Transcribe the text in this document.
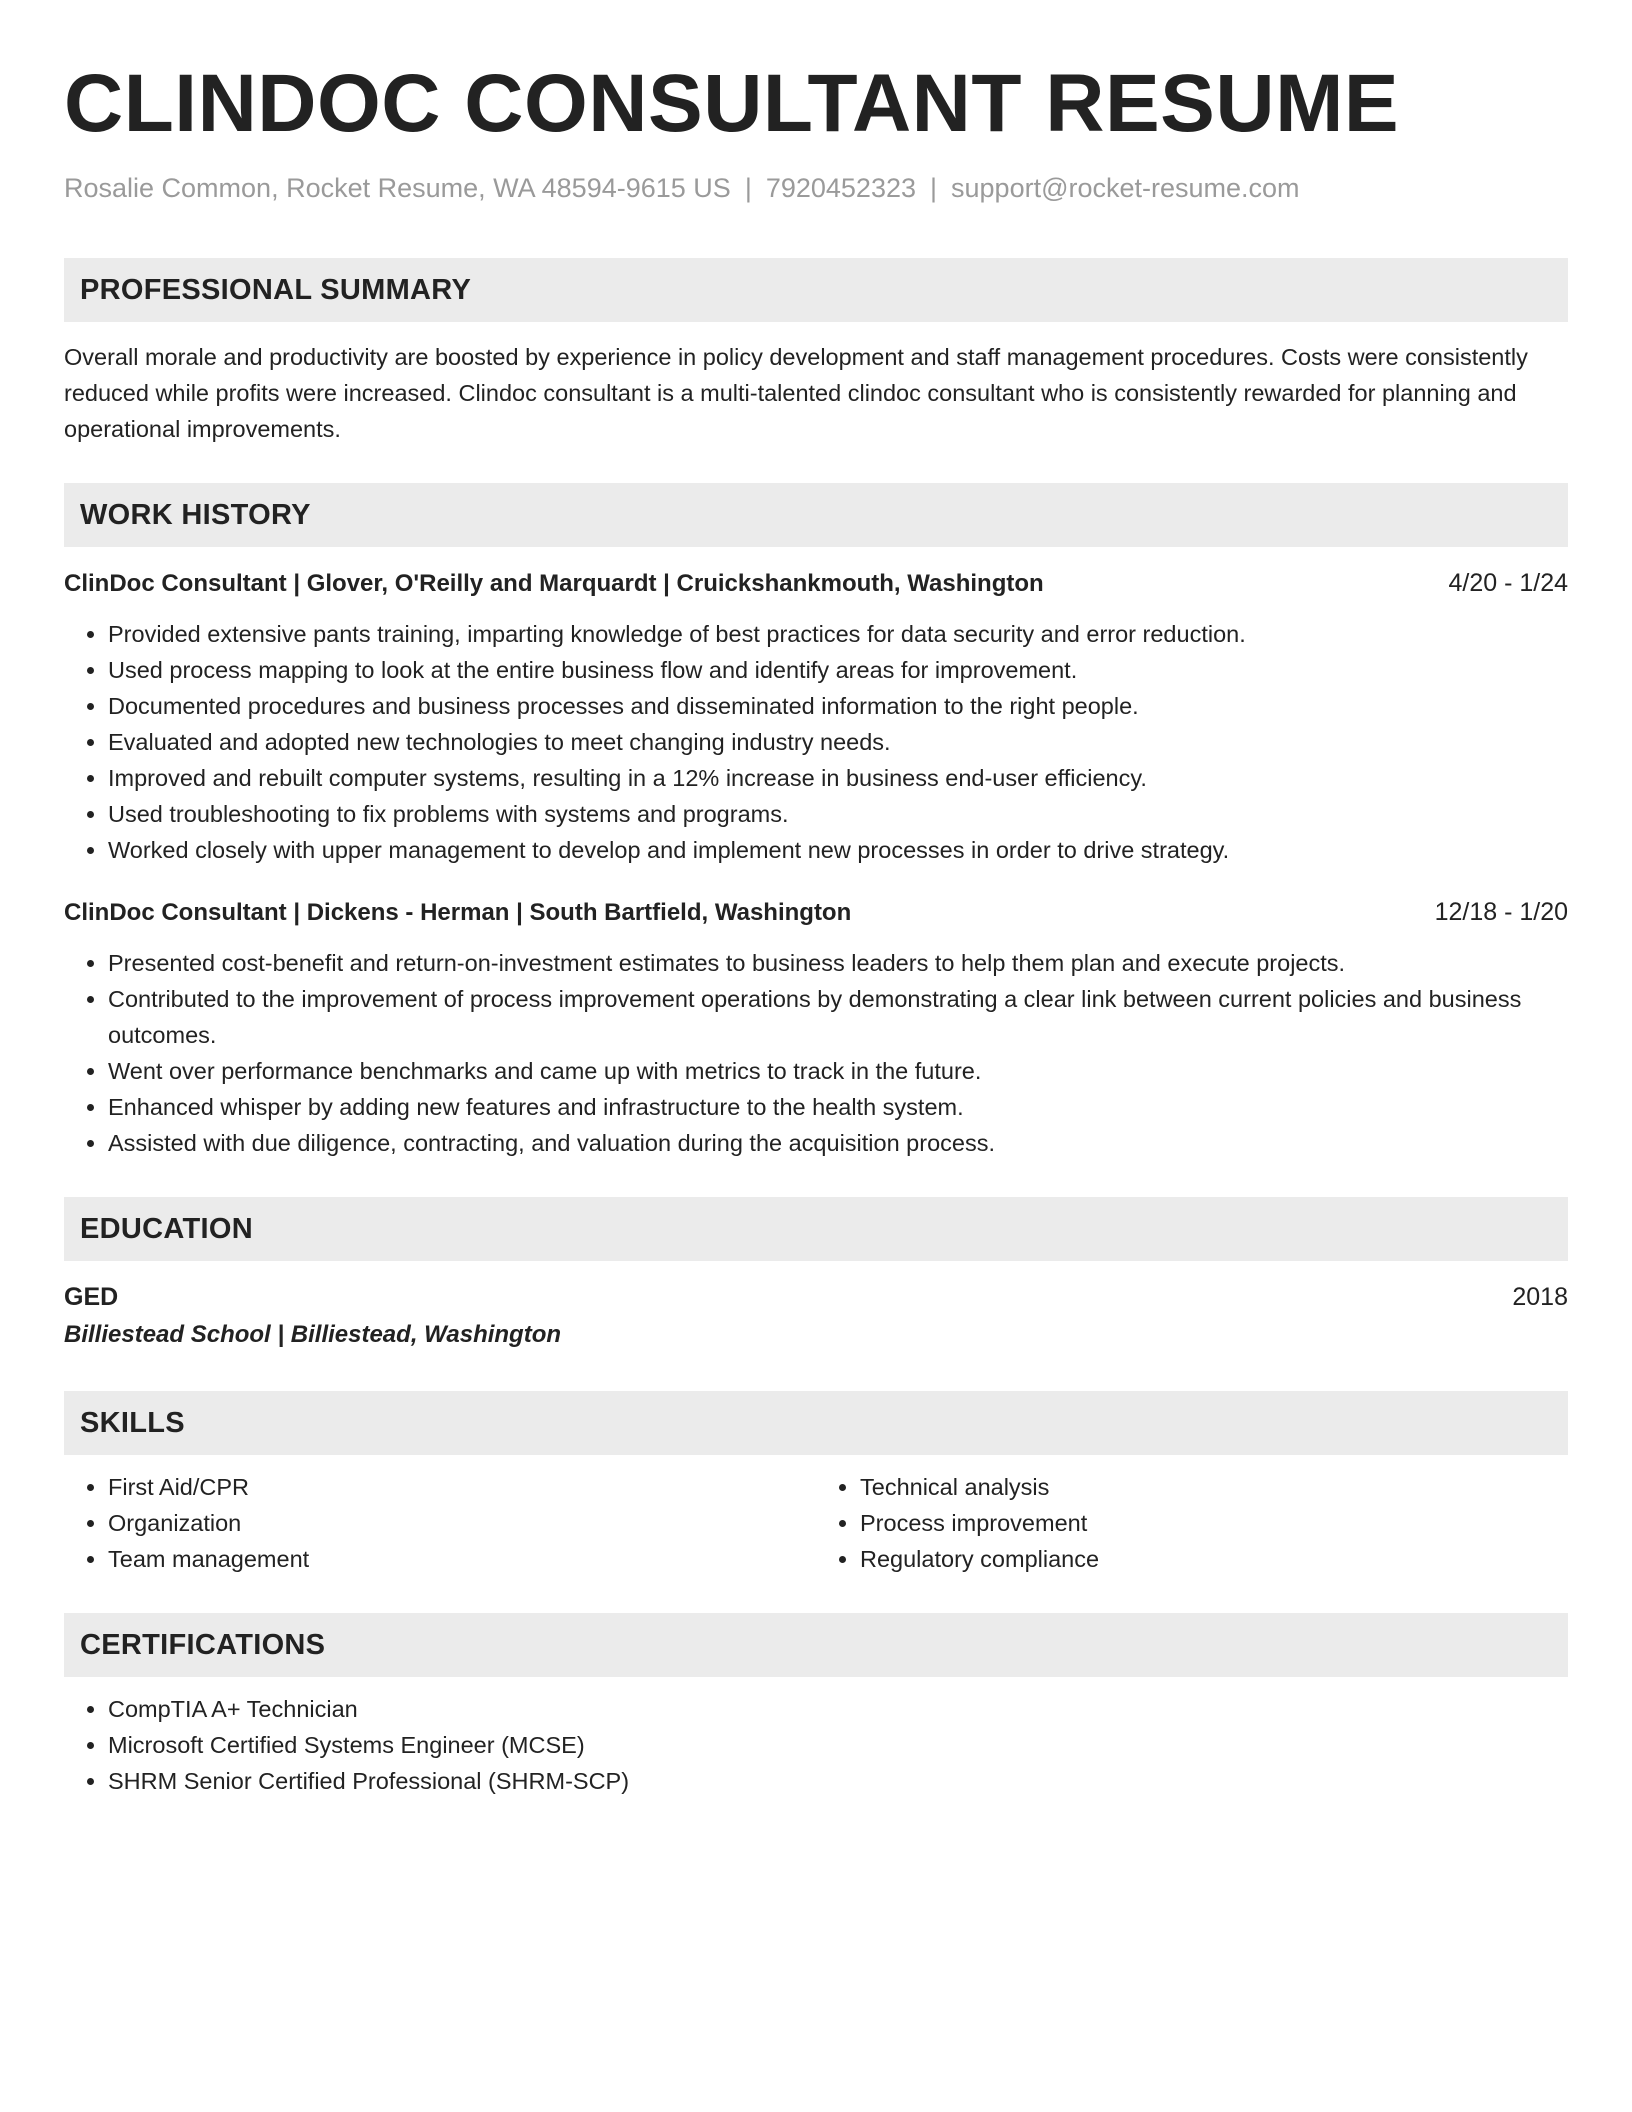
CLINDOC CONSULTANT RESUME
Rosalie Common, Rocket Resume, WA 48594-9615 US | 7920452323 | support@rocket-resume.com
PROFESSIONAL SUMMARY
Overall morale and productivity are boosted by experience in policy development and staff management procedures. Costs were consistently reduced while profits were increased. Clindoc consultant is a multi-talented clindoc consultant who is consistently rewarded for planning and operational improvements.
WORK HISTORY
ClinDoc Consultant | Glover, O'Reilly and Marquardt | Cruickshankmouth, Washington	4/20 - 1/24
• Provided extensive pants training, imparting knowledge of best practices for data security and error reduction.
• Used process mapping to look at the entire business flow and identify areas for improvement.
• Documented procedures and business processes and disseminated information to the right people.
• Evaluated and adopted new technologies to meet changing industry needs.
• Improved and rebuilt computer systems, resulting in a 12% increase in business end-user efficiency.
• Used troubleshooting to fix problems with systems and programs.
• Worked closely with upper management to develop and implement new processes in order to drive strategy.
ClinDoc Consultant | Dickens - Herman | South Bartfield, Washington	12/18 - 1/20
• Presented cost-benefit and return-on-investment estimates to business leaders to help them plan and execute projects.
• Contributed to the improvement of process improvement operations by demonstrating a clear link between current policies and business outcomes.
• Went over performance benchmarks and came up with metrics to track in the future.
• Enhanced whisper by adding new features and infrastructure to the health system.
• Assisted with due diligence, contracting, and valuation during the acquisition process.
EDUCATION
GED	2018
Billiestead School | Billiestead, Washington
SKILLS
• First Aid/CPR
• Organization
• Team management
• Technical analysis
• Process improvement
• Regulatory compliance
CERTIFICATIONS
• CompTIA A+ Technician
• Microsoft Certified Systems Engineer (MCSE)
• SHRM Senior Certified Professional (SHRM-SCP)
